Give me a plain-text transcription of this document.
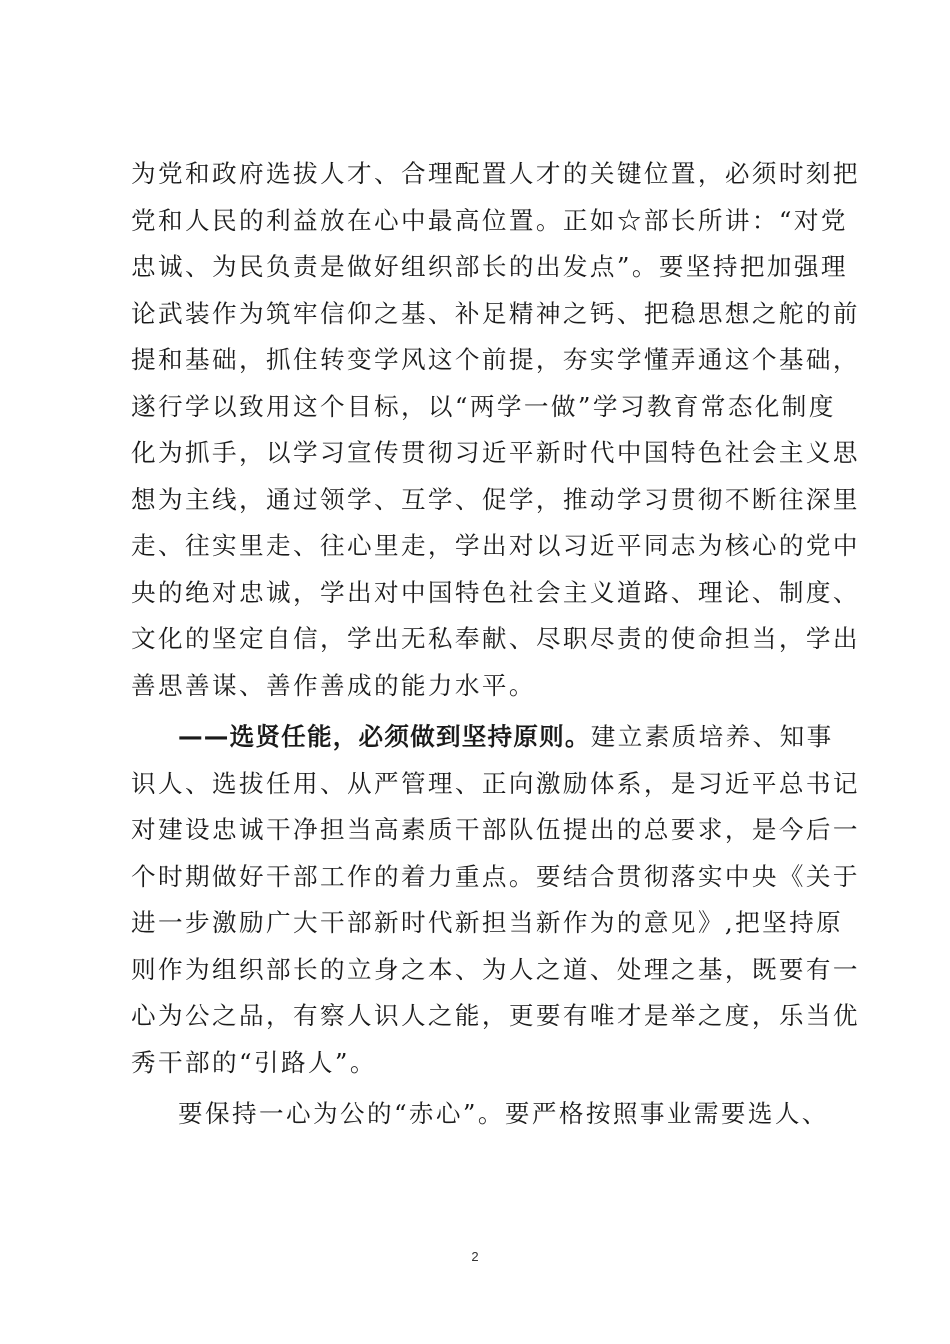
为党和政府选拔人才、合理配置人才的关键位置，必须时刻把
党和人民的利益放在心中最高位置。正如☆部长所讲：“对党
忠诚、为民负责是做好组织部长的出发点”。要坚持把加强理
论武装作为筑牢信仰之基、补足精神之钙、把稳思想之舵的前
提和基础，抓住转变学风这个前提，夯实学懂弄通这个基础，
遂行学以致用这个目标，以“两学一做”学习教育常态化制度
化为抓手，以学习宣传贯彻习近平新时代中国特色社会主义思
想为主线，通过领学、互学、促学，推动学习贯彻不断往深里
走、往实里走、往心里走，学出对以习近平同志为核心的党中
央的绝对忠诚，学出对中国特色社会主义道路、理论、制度、
文化的坚定自信，学出无私奉献、尽职尽责的使命担当，学出
善思善谋、善作善成的能力水平。
——选贤任能，必须做到坚持原则。建立素质培养、知事
识人、选拔任用、从严管理、正向激励体系，是习近平总书记
对建设忠诚干净担当高素质干部队伍提出的总要求，是今后一
个时期做好干部工作的着力重点。要结合贯彻落实中央《关于
进一步激励广大干部新时代新担当新作为的意见》,把坚持原
则作为组织部长的立身之本、为人之道、处理之基，既要有一
心为公之品，有察人识人之能，更要有唯才是举之度，乐当优
秀干部的“引路人”。
要保持一心为公的“赤心”。要严格按照事业需要选人、
2
